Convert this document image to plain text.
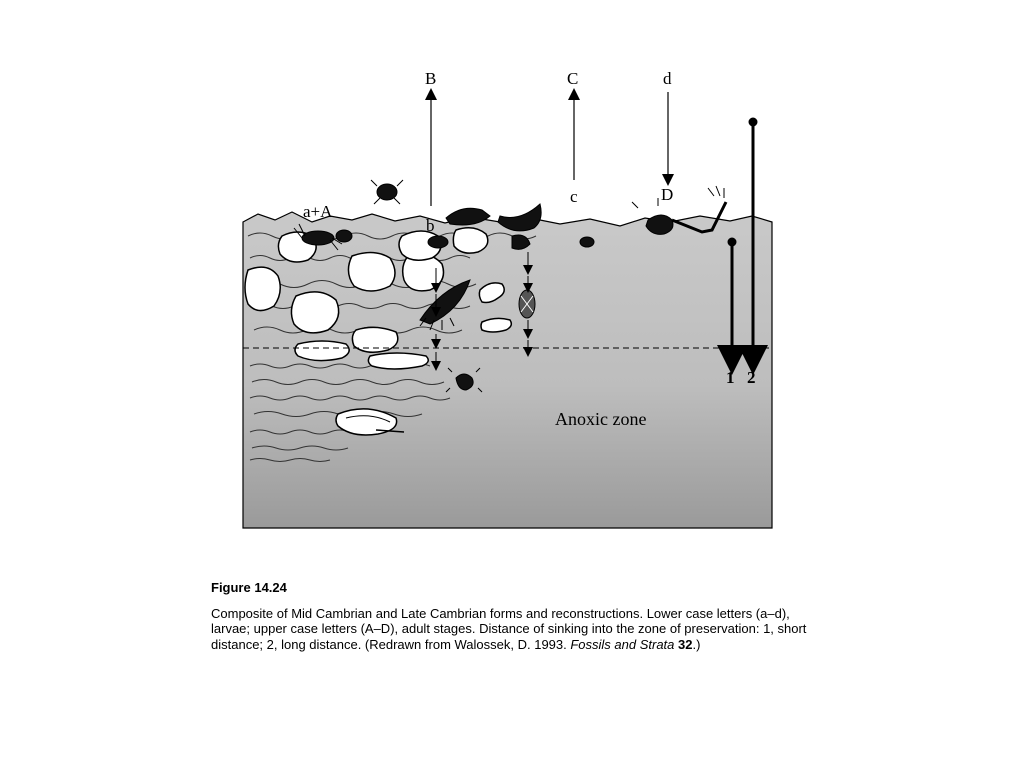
a+A
B
b
C
c
d
D
1 2
Anoxic zone

Figure 14.24

Composite of Mid Cambrian and Late Cambrian forms and reconstructions. Lower case letters (a–d), larvae; upper case letters (A–D), adult stages. Distance of sinking into the zone of preservation: 1, short distance; 2, long distance. (Redrawn from Walossek, D. 1993. Fossils and Strata 32.)
